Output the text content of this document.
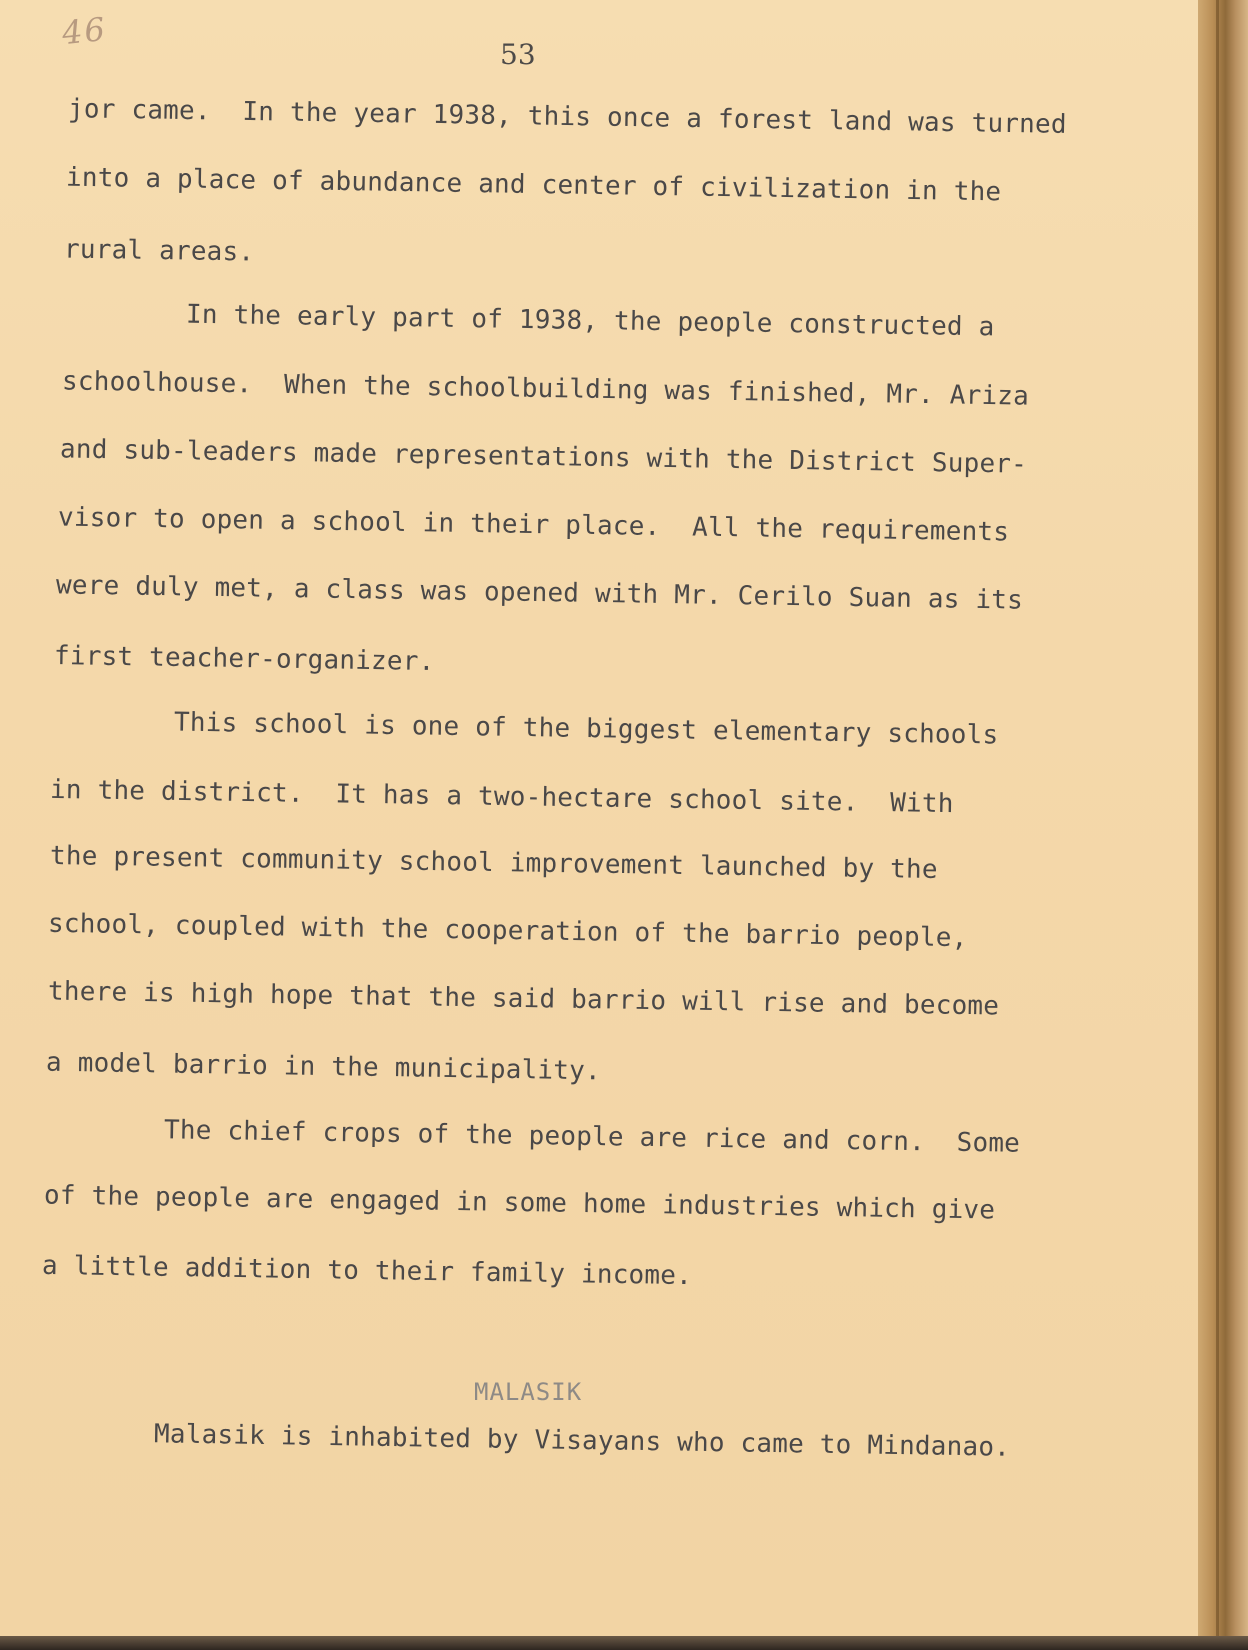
46
53
jor came.  In the year 1938, this once a forest land was turned
into a place of abundance and center of civilization in the
rural areas.
In the early part of 1938, the people constructed a
schoolhouse.  When the schoolbuilding was finished, Mr. Ariza
and sub-leaders made representations with the District Super-
visor to open a school in their place.  All the requirements
were duly met, a class was opened with Mr. Cerilo Suan as its
first teacher-organizer.
This school is one of the biggest elementary schools
in the district.  It has a two-hectare school site.  With
the present community school improvement launched by the
school, coupled with the cooperation of the barrio people,
there is high hope that the said barrio will rise and become
a model barrio in the municipality.
The chief crops of the people are rice and corn.  Some
of the people are engaged in some home industries which give
a little addition to their family income.
MALASIK
Malasik is inhabited by Visayans who came to Mindanao.
